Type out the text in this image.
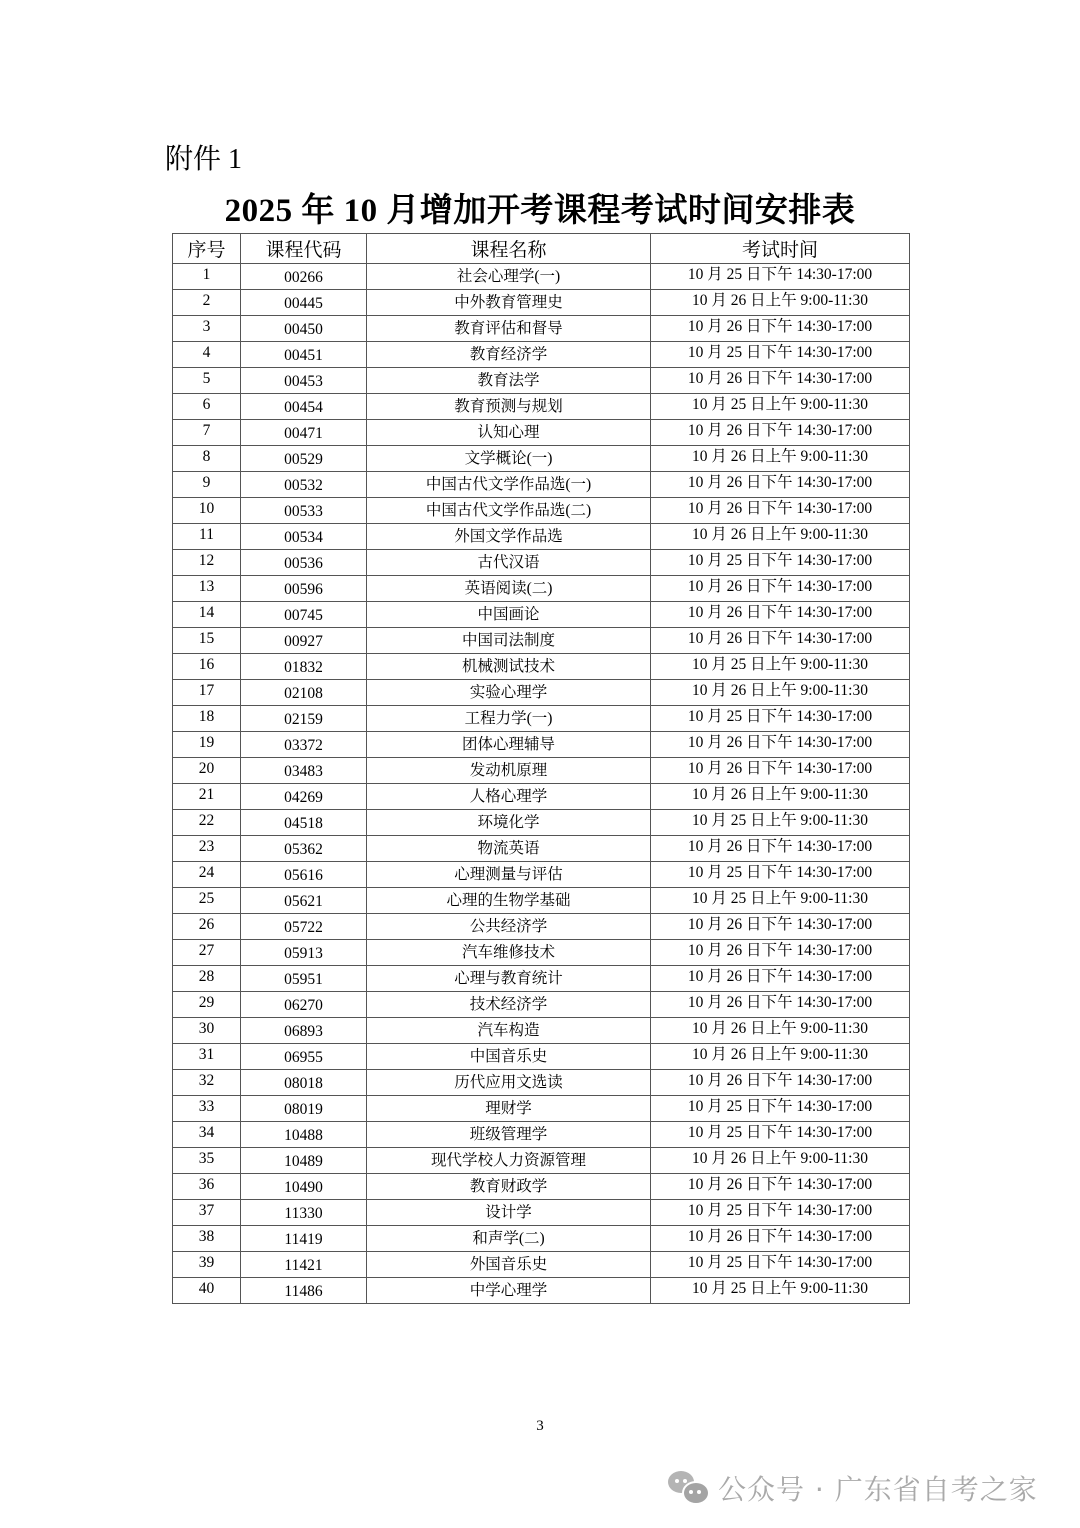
附件 1
2025 年 10 月增加开考课程考试时间安排表
序号	课程代码	课程名称	考试时间
1	00266	社会心理学(一)	10 月 25 日下午 14:30-17:00
2	00445	中外教育管理史	10 月 26 日上午 9:00-11:30
3	00450	教育评估和督导	10 月 26 日下午 14:30-17:00
4	00451	教育经济学	10 月 25 日下午 14:30-17:00
5	00453	教育法学	10 月 26 日下午 14:30-17:00
6	00454	教育预测与规划	10 月 25 日上午 9:00-11:30
7	00471	认知心理	10 月 26 日下午 14:30-17:00
8	00529	文学概论(一)	10 月 26 日上午 9:00-11:30
9	00532	中国古代文学作品选(一)	10 月 26 日下午 14:30-17:00
10	00533	中国古代文学作品选(二)	10 月 26 日下午 14:30-17:00
11	00534	外国文学作品选	10 月 26 日上午 9:00-11:30
12	00536	古代汉语	10 月 25 日下午 14:30-17:00
13	00596	英语阅读(二)	10 月 26 日下午 14:30-17:00
14	00745	中国画论	10 月 26 日下午 14:30-17:00
15	00927	中国司法制度	10 月 26 日下午 14:30-17:00
16	01832	机械测试技术	10 月 25 日上午 9:00-11:30
17	02108	实验心理学	10 月 26 日上午 9:00-11:30
18	02159	工程力学(一)	10 月 25 日下午 14:30-17:00
19	03372	团体心理辅导	10 月 26 日下午 14:30-17:00
20	03483	发动机原理	10 月 26 日下午 14:30-17:00
21	04269	人格心理学	10 月 26 日上午 9:00-11:30
22	04518	环境化学	10 月 25 日上午 9:00-11:30
23	05362	物流英语	10 月 26 日下午 14:30-17:00
24	05616	心理测量与评估	10 月 25 日下午 14:30-17:00
25	05621	心理的生物学基础	10 月 25 日上午 9:00-11:30
26	05722	公共经济学	10 月 26 日下午 14:30-17:00
27	05913	汽车维修技术	10 月 26 日下午 14:30-17:00
28	05951	心理与教育统计	10 月 26 日下午 14:30-17:00
29	06270	技术经济学	10 月 26 日下午 14:30-17:00
30	06893	汽车构造	10 月 26 日上午 9:00-11:30
31	06955	中国音乐史	10 月 26 日上午 9:00-11:30
32	08018	历代应用文选读	10 月 26 日下午 14:30-17:00
33	08019	理财学	10 月 25 日下午 14:30-17:00
34	10488	班级管理学	10 月 25 日下午 14:30-17:00
35	10489	现代学校人力资源管理	10 月 26 日上午 9:00-11:30
36	10490	教育财政学	10 月 26 日下午 14:30-17:00
37	11330	设计学	10 月 25 日下午 14:30-17:00
38	11419	和声学(二)	10 月 26 日下午 14:30-17:00
39	11421	外国音乐史	10 月 25 日下午 14:30-17:00
40	11486	中学心理学	10 月 25 日上午 9:00-11:30
3
公众号 · 广东省自考之家
